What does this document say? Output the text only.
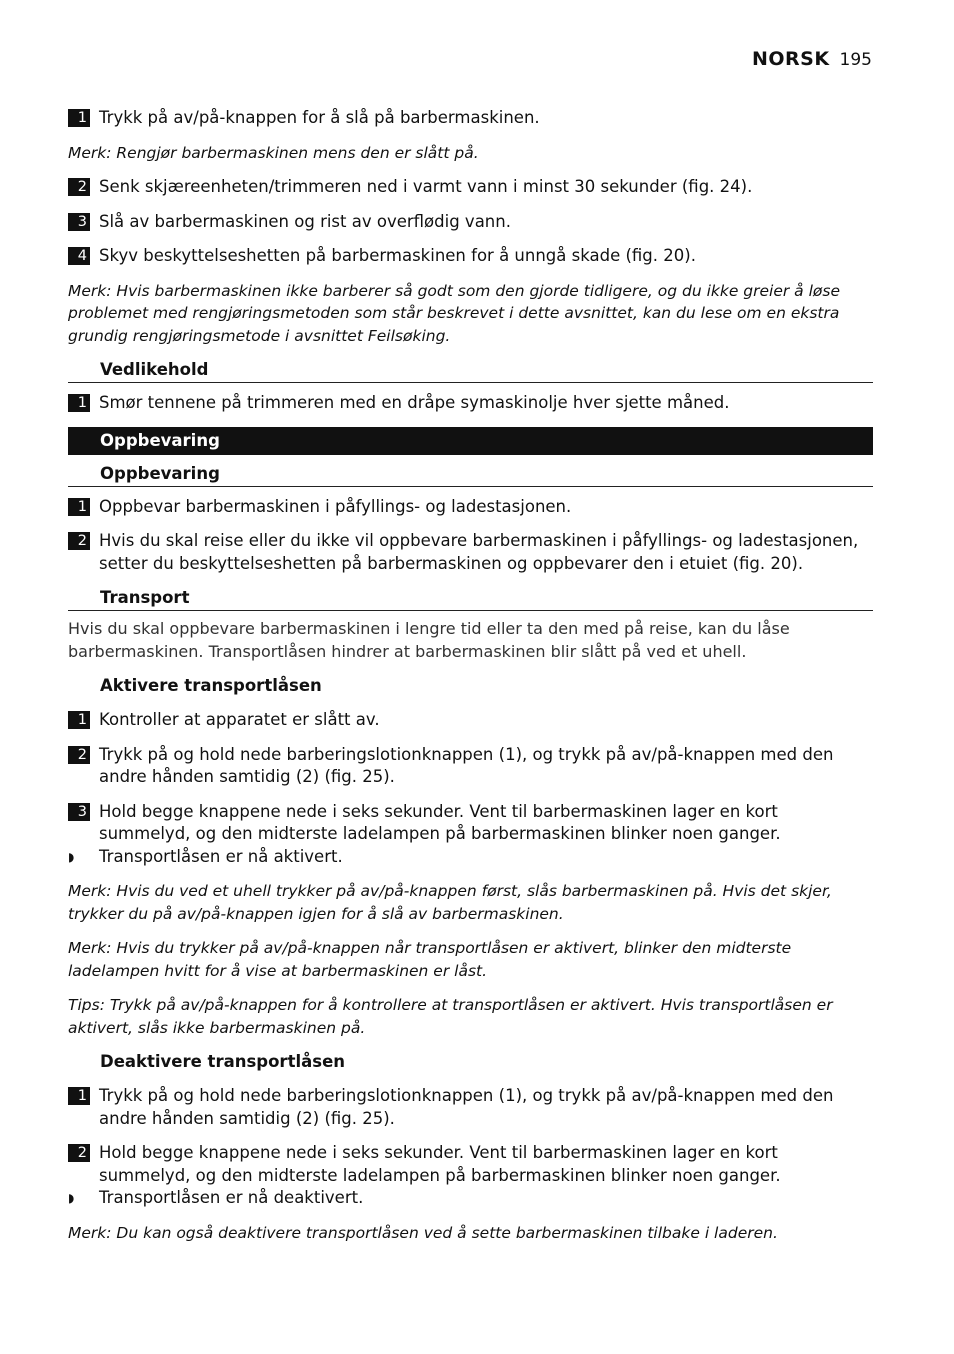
NORSK 195
1 Trykk på av/på-knappen for å slå på barbermaskinen.
Merk: Rengjør barbermaskinen mens den er slått på.
2 Senk skjæreenheten/trimmeren ned i varmt vann i minst 30 sekunder (fig. 24).
3 Slå av barbermaskinen og rist av overflødig vann.
4 Skyv beskyttelseshetten på barbermaskinen for å unngå skade (fig. 20).
Merk: Hvis barbermaskinen ikke barberer så godt som den gjorde tidligere, og du ikke greier å løse problemet med rengjøringsmetoden som står beskrevet i dette avsnittet, kan du lese om en ekstra grundig rengjøringsmetode i avsnittet Feilsøking.
Vedlikehold
1 Smør tennene på trimmeren med en dråpe symaskinolje hver sjette måned.
Oppbevaring
Oppbevaring
1 Oppbevar barbermaskinen i påfyllings- og ladestasjonen.
2 Hvis du skal reise eller du ikke vil oppbevare barbermaskinen i påfyllings- og ladestasjonen, setter du beskyttelseshetten på barbermaskinen og oppbevarer den i etuiet (fig. 20).
Transport
Hvis du skal oppbevare barbermaskinen i lengre tid eller ta den med på reise, kan du låse barbermaskinen. Transportlåsen hindrer at barbermaskinen blir slått på ved et uhell.
Aktivere transportlåsen
1 Kontroller at apparatet er slått av.
2 Trykk på og hold nede barberingslotionknappen (1), og trykk på av/på-knappen med den andre hånden samtidig (2) (fig. 25).
3 Hold begge knappene nede i seks sekunder. Vent til barbermaskinen lager en kort summelyd, og den midterste ladelampen på barbermaskinen blinker noen ganger.
◗	Transportlåsen er nå aktivert.
Merk: Hvis du ved et uhell trykker på av/på-knappen først, slås barbermaskinen på. Hvis det skjer, trykker du på av/på-knappen igjen for å slå av barbermaskinen.
Merk: Hvis du trykker på av/på-knappen når transportlåsen er aktivert, blinker den midterste ladelampen hvitt for å vise at barbermaskinen er låst.
Tips: Trykk på av/på-knappen for å kontrollere at transportlåsen er aktivert. Hvis transportlåsen er aktivert, slås ikke barbermaskinen på.
Deaktivere transportlåsen
1 Trykk på og hold nede barberingslotionknappen (1), og trykk på av/på-knappen med den andre hånden samtidig (2) (fig. 25).
2 Hold begge knappene nede i seks sekunder. Vent til barbermaskinen lager en kort summelyd, og den midterste ladelampen på barbermaskinen blinker noen ganger.
◗	Transportlåsen er nå deaktivert.
Merk: Du kan også deaktivere transportlåsen ved å sette barbermaskinen tilbake i laderen.
